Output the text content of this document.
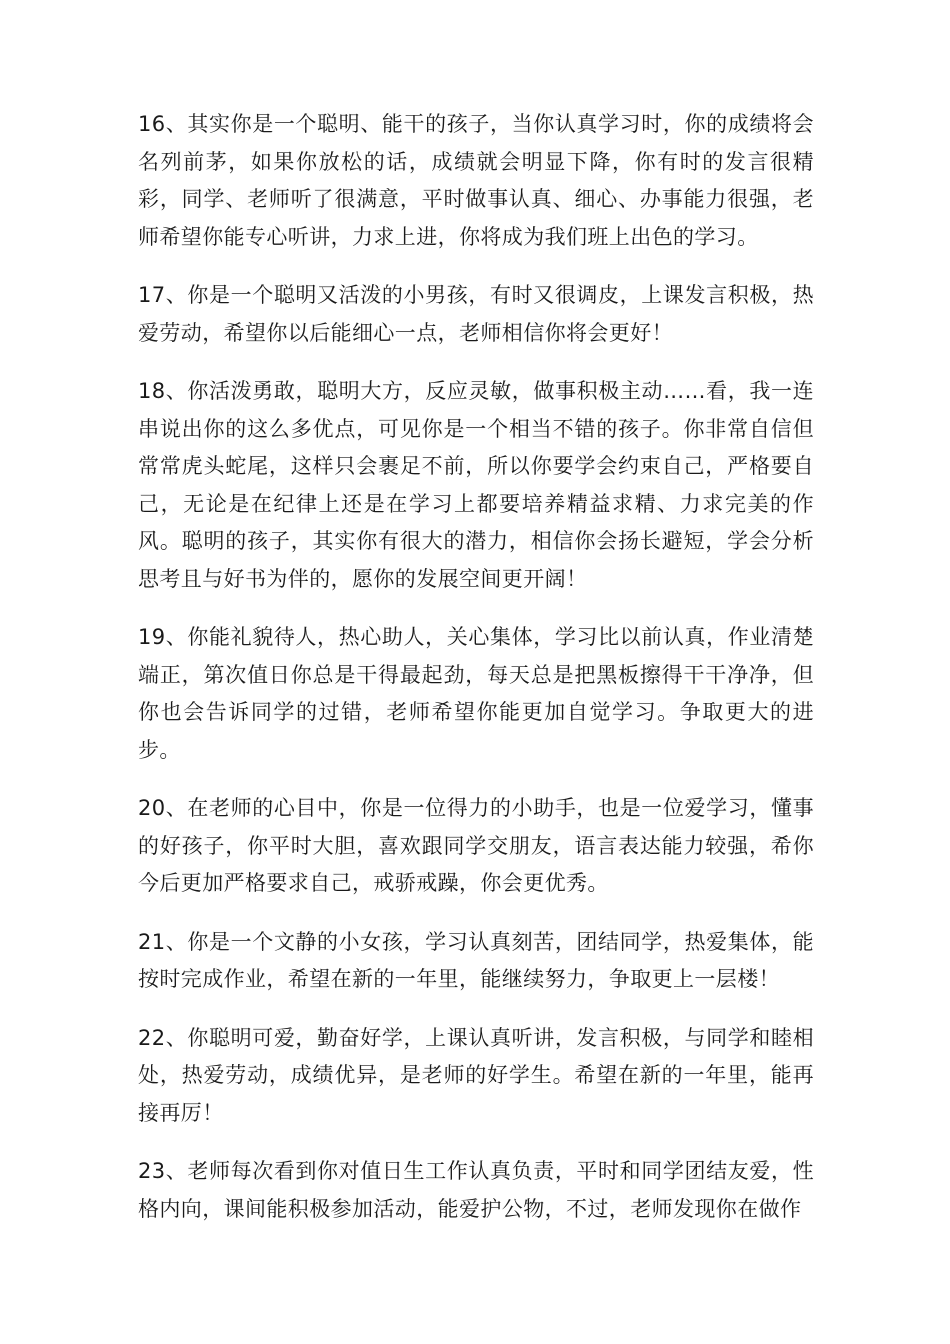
16、其实你是一个聪明、能干的孩子，当你认真学习时，你的成绩将会名列前茅，如果你放松的话，成绩就会明显下降，你有时的发言很精彩，同学、老师听了很满意，平时做事认真、细心、办事能力很强，老师希望你能专心听讲，力求上进，你将成为我们班上出色的学习。

17、你是一个聪明又活泼的小男孩，有时又很调皮，上课发言积极，热爱劳动，希望你以后能细心一点，老师相信你将会更好！

18、你活泼勇敢，聪明大方，反应灵敏，做事积极主动……看，我一连串说出你的这么多优点，可见你是一个相当不错的孩子。你非常自信但常常虎头蛇尾，这样只会裹足不前，所以你要学会约束自己，严格要自己，无论是在纪律上还是在学习上都要培养精益求精、力求完美的作风。聪明的孩子，其实你有很大的潜力，相信你会扬长避短，学会分析思考且与好书为伴的，愿你的发展空间更开阔！

19、你能礼貌待人，热心助人，关心集体，学习比以前认真，作业清楚端正，第次值日你总是干得最起劲，每天总是把黑板擦得干干净净，但你也会告诉同学的过错，老师希望你能更加自觉学习。争取更大的进步。

20、在老师的心目中，你是一位得力的小助手，也是一位爱学习，懂事的好孩子，你平时大胆，喜欢跟同学交朋友，语言表达能力较强，希你今后更加严格要求自己，戒骄戒躁，你会更优秀。

21、你是一个文静的小女孩，学习认真刻苦，团结同学，热爱集体，能按时完成作业，希望在新的一年里，能继续努力，争取更上一层楼！

22、你聪明可爱，勤奋好学，上课认真听讲，发言积极，与同学和睦相处，热爱劳动，成绩优异，是老师的好学生。希望在新的一年里，能再接再厉！

23、老师每次看到你对值日生工作认真负责，平时和同学团结友爱，性格内向，课间能积极参加活动，能爱护公物，不过，老师发现你在做作
